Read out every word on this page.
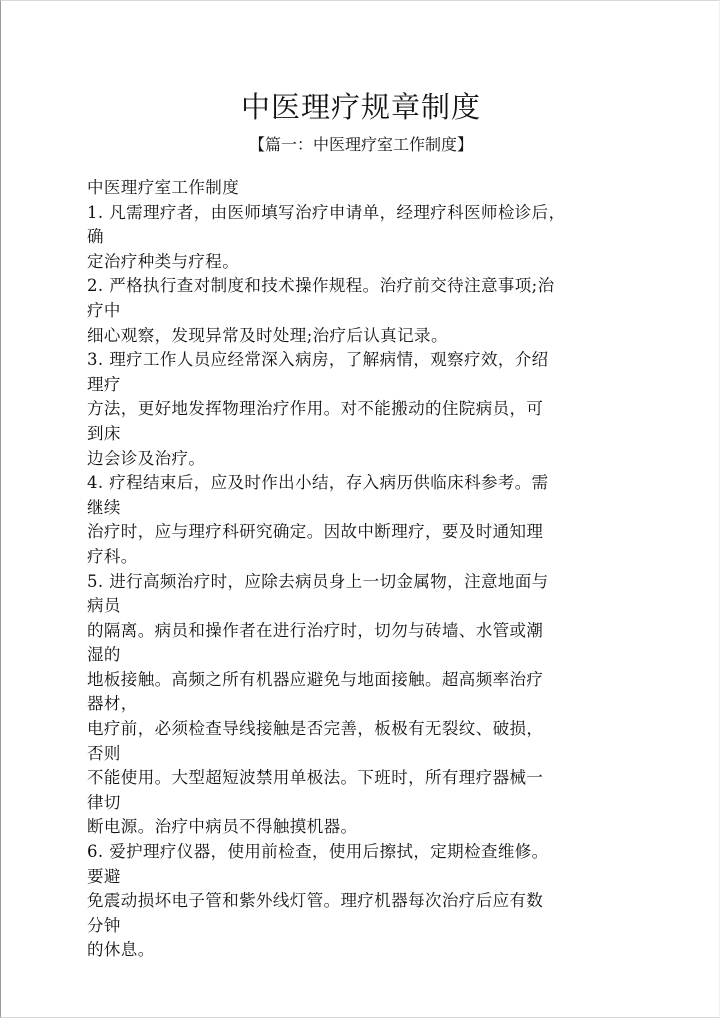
中医理疗规章制度
【篇一：中医理疗室工作制度】
中医理疗室工作制度
1. 凡需理疗者，由医师填写治疗申请单，经理疗科医师检诊后，
确
定治疗种类与疗程。
2. 严格执行查对制度和技术操作规程。治疗前交待注意事项;治
疗中
细心观察，发现异常及时处理;治疗后认真记录。
3. 理疗工作人员应经常深入病房，了解病情，观察疗效，介绍
理疗
方法，更好地发挥物理治疗作用。对不能搬动的住院病员，可
到床
边会诊及治疗。
4. 疗程结束后，应及时作出小结，存入病历供临床科参考。需
继续
治疗时，应与理疗科研究确定。因故中断理疗，要及时通知理
疗科。
5. 进行高频治疗时，应除去病员身上一切金属物，注意地面与
病员
的隔离。病员和操作者在进行治疗时，切勿与砖墙、水管或潮
湿的
地板接触。高频之所有机器应避免与地面接触。超高频率治疗
器材，
电疗前，必须检查导线接触是否完善，板极有无裂纹、破损，
否则
不能使用。大型超短波禁用单极法。下班时，所有理疗器械一
律切
断电源。治疗中病员不得触摸机器。
6. 爱护理疗仪器，使用前检查，使用后擦拭，定期检查维修。
要避
免震动损坏电子管和紫外线灯管。理疗机器每次治疗后应有数
分钟
的休息。
